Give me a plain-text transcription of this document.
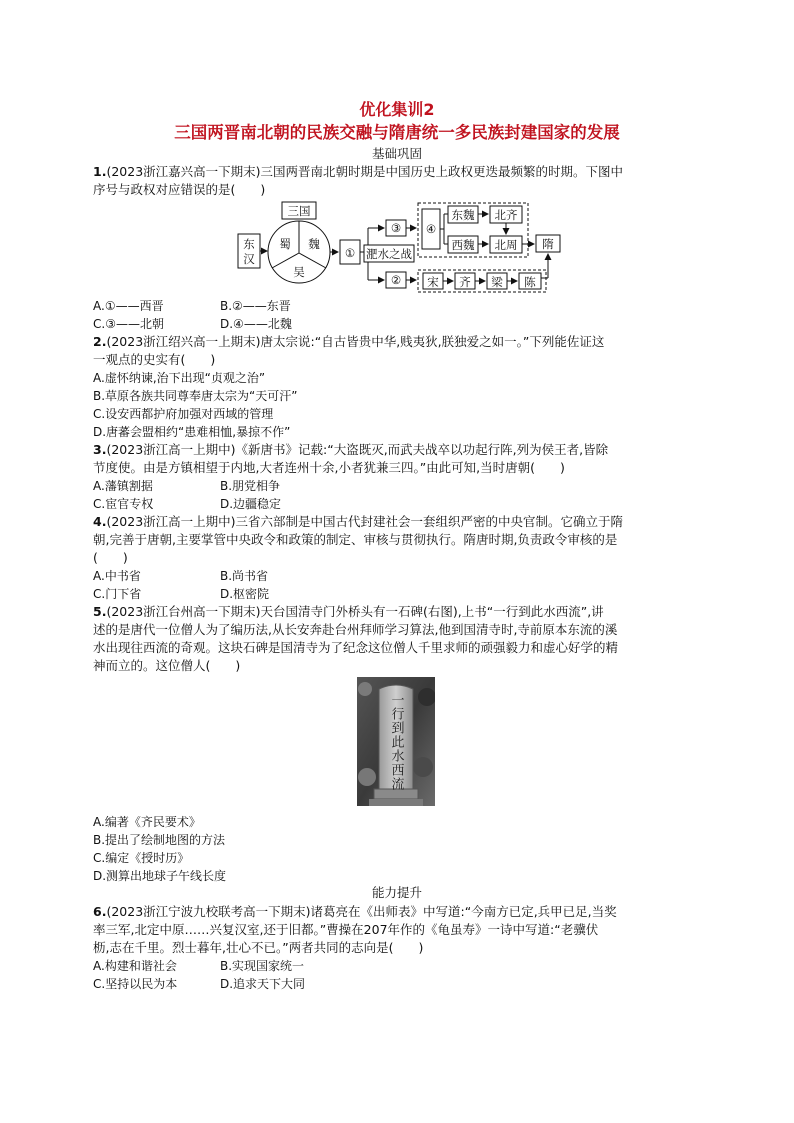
优化集训2
三国两晋南北朝的民族交融与隋唐统一多民族封建国家的发展
基础巩固
1.(2023浙江嘉兴高一下期末)三国两晋南北朝时期是中国历史上政权更迭最频繁的时期。下图中
序号与政权对应错误的是(　　)
东
汉
三国
蜀 魏
吴
① 淝水之战
③
②
④
东魏 北齐
西魏 北周 隋
宋 齐 梁 陈
A.①——西晋	B.②——东晋
C.③——北朝	D.④——北魏
2.(2023浙江绍兴高一上期末)唐太宗说:“自古皆贵中华,贱夷狄,朕独爱之如一。”下列能佐证这
一观点的史实有(　　)
A.虚怀纳谏,治下出现“贞观之治”
B.草原各族共同尊奉唐太宗为“天可汗”
C.设安西都护府加强对西域的管理
D.唐蕃会盟相约“患难相恤,暴掠不作”
3.(2023浙江高一上期中)《新唐书》记载:“大盗既灭,而武夫战卒以功起行阵,列为侯王者,皆除
节度使。由是方镇相望于内地,大者连州十余,小者犹兼三四。”由此可知,当时唐朝(　　)
A.藩镇割据	B.朋党相争
C.宦官专权	D.边疆稳定
4.(2023浙江高一上期中)三省六部制是中国古代封建社会一套组织严密的中央官制。它确立于隋
朝,完善于唐朝,主要掌管中央政令和政策的制定、审核与贯彻执行。隋唐时期,负责政令审核的是
(　　)
A.中书省	B.尚书省
C.门下省	D.枢密院
5.(2023浙江台州高一下期末)天台国清寺门外桥头有一石碑(右图),上书“一行到此水西流”,讲
述的是唐代一位僧人为了编历法,从长安奔赴台州拜师学习算法,他到国清寺时,寺前原本东流的溪
水出现往西流的奇观。这块石碑是国清寺为了纪念这位僧人千里求师的顽强毅力和虚心好学的精
神而立的。这位僧人(　　)
一行到此水西流
A.编著《齐民要术》
B.提出了绘制地图的方法
C.编定《授时历》
D.测算出地球子午线长度
能力提升
6.(2023浙江宁波九校联考高一下期末)诸葛亮在《出师表》中写道:“今南方已定,兵甲已足,当奖
率三军,北定中原……兴复汉室,还于旧都。”曹操在207年作的《龟虽寿》一诗中写道:“老骥伏
枥,志在千里。烈士暮年,壮心不已。”两者共同的志向是(　　)
A.构建和谐社会	B.实现国家统一
C.坚持以民为本	D.追求天下大同
